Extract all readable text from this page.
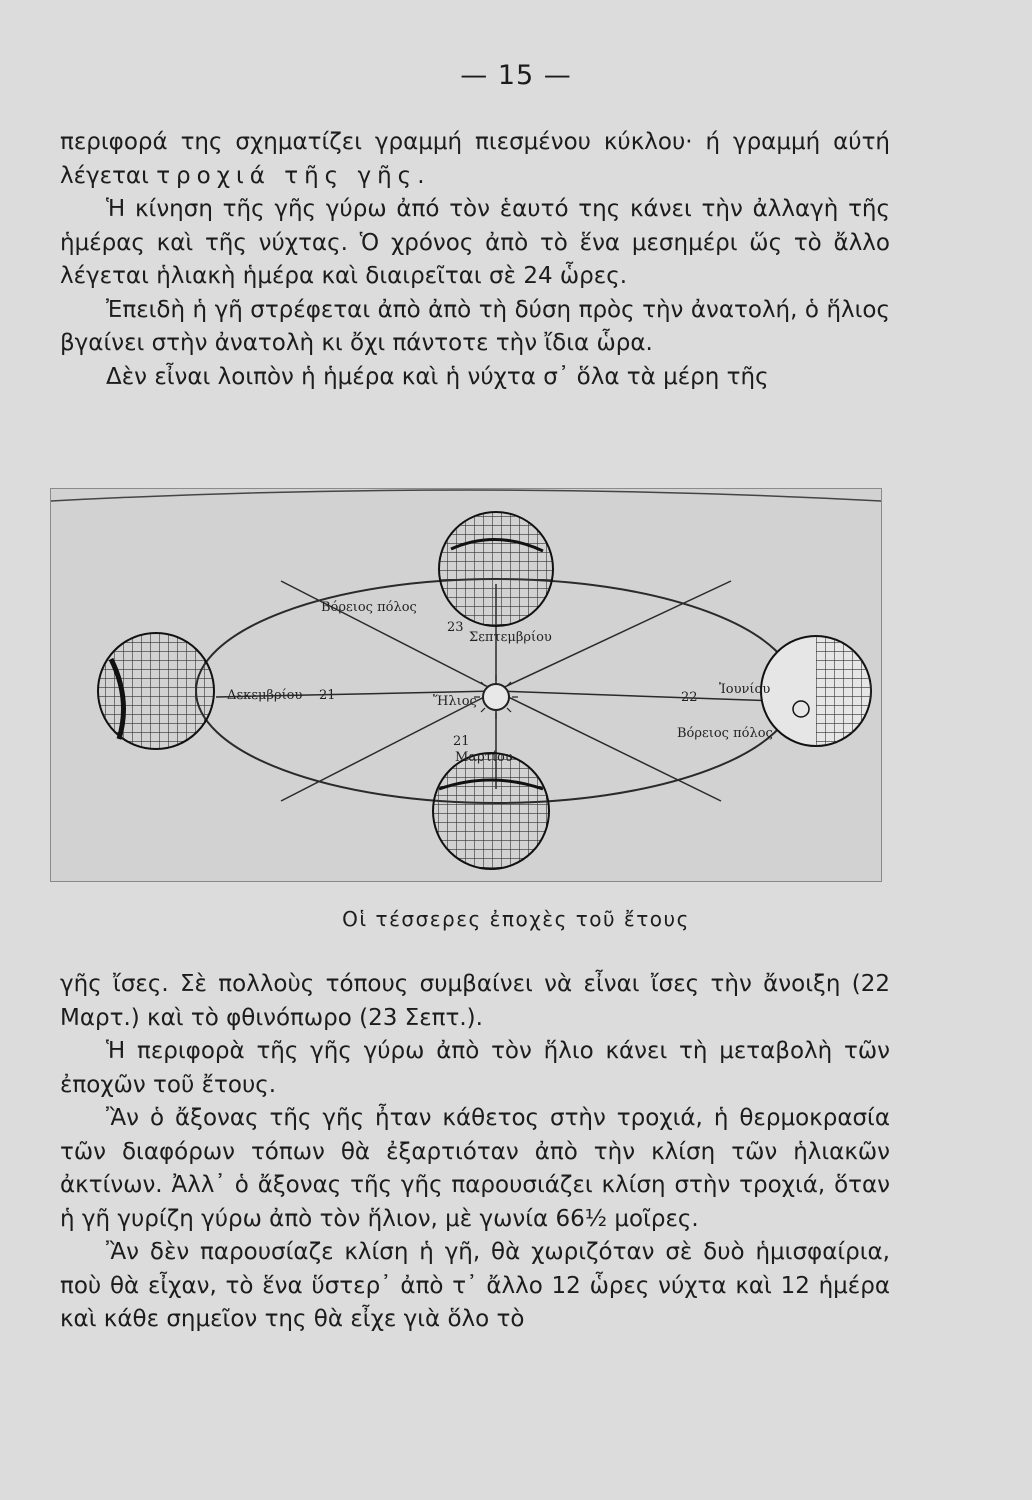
— 15 —

περιφορά της σχηματίζει γραμμή πιεσμένου κύκλου· ή γραμμή αύτή λέγεται τροχιά τῆς γῆς.

Ἡ κίνηση τῆς γῆς γύρω ἀπό τὸν ἑαυτό της κάνει τὴν ἀλλαγὴ τῆς ἡμέρας καὶ τῆς νύχτας. Ὁ χρόνος ἀπὸ τὸ ἕνα μεσημέρι ὥς τὸ ἄλλο λέγεται ἡλιακὴ ἡμέρα καὶ διαιρεῖται σὲ 24 ὧρες.

Ἐπειδὴ ἡ γῆ στρέφεται ἀπὸ ἀπὸ τὴ δύση πρὸς τὴν ἀνατολή, ὁ ἥλιος βγαίνει στὴν ἀνατολὴ κι ὄχι πάντοτε τὴν ἴδια ὧρα.

Δὲν εἶναι λοιπὸν ἡ ἡμέρα καὶ ἡ νύχτα σ᾽ ὅλα τὰ μέρη τῆς

23
Σεπτεμβρίου
Βόρειος πόλος
Δεκεμβρίου 21	Ἥλιος	22
Ἰουνίου
Βόρειος πόλος
21
Μαρτίου
Οἱ τέσσερες ἐποχὲς τοῦ ἔτους

γῆς ἴσες. Σὲ πολλοὺς τόπους συμβαίνει νὰ εἶναι ἴσες τὴν ἄνοιξη (22 Μαρτ.) καὶ τὸ φθινόπωρο (23 Σεπτ.).

Ἡ περιφορὰ τῆς γῆς γύρω ἀπὸ τὸν ἥλιο κάνει τὴ μεταβολὴ τῶν ἐποχῶν τοῦ ἔτους.

Ἂν ὁ ἄξονας τῆς γῆς ἦταν κάθετος στὴν τροχιά, ἡ θερμοκρασία τῶν διαφόρων τόπων θὰ ἐξαρτιόταν ἀπὸ τὴν κλίση τῶν ἡλιακῶν ἀκτίνων. Ἀλλ᾽ ὁ ἄξονας τῆς γῆς παρουσιάζει κλίση στὴν τροχιά, ὅταν ἡ γῆ γυρίζη γύρω ἀπὸ τὸν ἥλιον, μὲ γωνία 66½ μοῖρες.

Ἂν δὲν παρουσίαζε κλίση ἡ γῆ, θὰ χωριζόταν σὲ δυὸ ἡμισφαίρια, ποὺ θὰ εἶχαν, τὸ ἕνα ὕστερ᾽ ἀπὸ τ᾽ ἄλλο 12 ὧρες νύχτα καὶ 12 ἡμέρα καὶ κάθε σημεῖον της θὰ εἶχε γιὰ ὅλο τὸ
